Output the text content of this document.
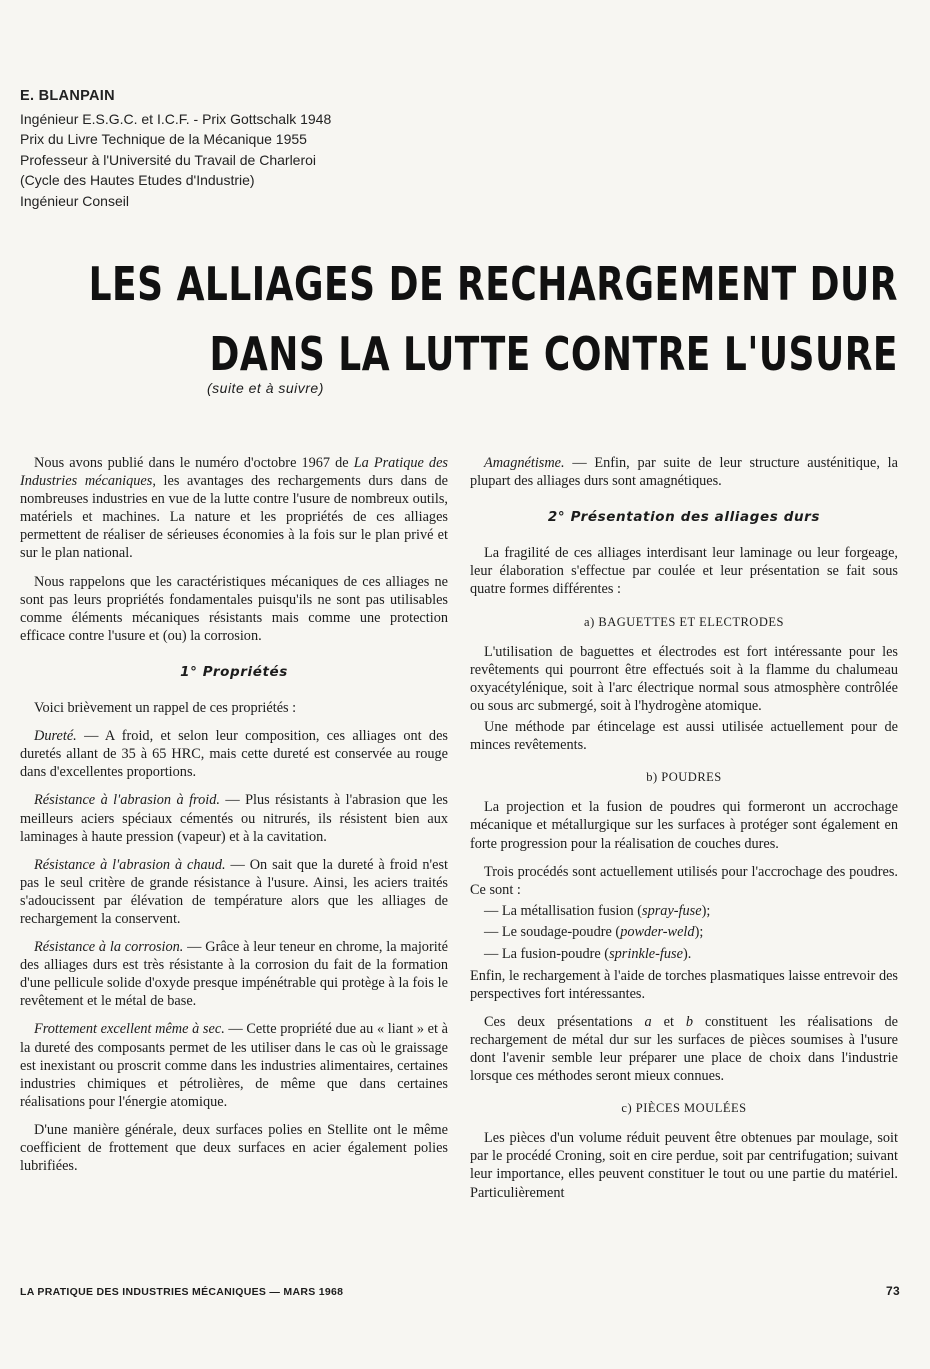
E. BLANPAIN
Ingénieur E.S.G.C. et I.C.F. - Prix Gottschalk 1948
Prix du Livre Technique de la Mécanique 1955
Professeur à l'Université du Travail de Charleroi
(Cycle des Hautes Etudes d'Industrie)
Ingénieur Conseil
LES ALLIAGES DE RECHARGEMENT DUR
DANS LA LUTTE CONTRE L'USURE
(suite et à suivre)

Nous avons publié dans le numéro d'octobre 1967 de La Pratique des Industries mécaniques, les avantages des rechargements durs dans de nombreuses industries en vue de la lutte contre l'usure de nombreux outils, matériels et machines. La nature et les propriétés de ces alliages permettent de réaliser de sérieuses économies à la fois sur le plan privé et sur le plan national.

Nous rappelons que les caractéristiques mécaniques de ces alliages ne sont pas leurs propriétés fondamentales puisqu'ils ne sont pas utilisables comme éléments mécaniques résistants mais comme une protection efficace contre l'usure et (ou) la corrosion.

1° Propriétés

Voici brièvement un rappel de ces propriétés :

Dureté. — A froid, et selon leur composition, ces alliages ont des duretés allant de 35 à 65 HRC, mais cette dureté est conservée au rouge dans d'excellentes proportions.

Résistance à l'abrasion à froid. — Plus résistants à l'abrasion que les meilleurs aciers spéciaux cémentés ou nitrurés, ils résistent bien aux laminages à haute pression (vapeur) et à la cavitation.

Résistance à l'abrasion à chaud. — On sait que la dureté à froid n'est pas le seul critère de grande résistance à l'usure. Ainsi, les aciers traités s'adoucissent par élévation de température alors que les alliages de rechargement la conservent.

Résistance à la corrosion. — Grâce à leur teneur en chrome, la majorité des alliages durs est très résistante à la corrosion du fait de la formation d'une pellicule solide d'oxyde presque impénétrable qui protège à la fois le revêtement et le métal de base.

Frottement excellent même à sec. — Cette propriété due au « liant » et à la dureté des composants permet de les utiliser dans le cas où le graissage est inexistant ou proscrit comme dans les industries alimentaires, certaines industries chimiques et pétrolières, de même que dans certaines réalisations pour l'énergie atomique.

D'une manière générale, deux surfaces polies en Stellite ont le même coefficient de frottement que deux surfaces en acier également polies lubrifiées.

Amagnétisme. — Enfin, par suite de leur structure austénitique, la plupart des alliages durs sont amagnétiques.

2° Présentation des alliages durs

La fragilité de ces alliages interdisant leur laminage ou leur forgeage, leur élaboration s'effectue par coulée et leur présentation se fait sous quatre formes différentes :

a) BAGUETTES ET ELECTRODES

L'utilisation de baguettes et électrodes est fort intéressante pour les revêtements qui pourront être effectués soit à la flamme du chalumeau oxyacétylénique, soit à l'arc électrique normal sous atmosphère contrôlée ou sous arc submergé, soit à l'hydrogène atomique.

Une méthode par étincelage est aussi utilisée actuellement pour de minces revêtements.

b) POUDRES

La projection et la fusion de poudres qui formeront un accrochage mécanique et métallurgique sur les surfaces à protéger sont également en forte progression pour la réalisation de couches dures.

Trois procédés sont actuellement utilisés pour l'accrochage des poudres. Ce sont :

— La métallisation fusion (spray-fuse);
— Le soudage-poudre (powder-weld);
— La fusion-poudre (sprinkle-fuse).

Enfin, le rechargement à l'aide de torches plasmatiques laisse entrevoir des perspectives fort intéressantes.

Ces deux présentations a et b constituent les réalisations de rechargement de métal dur sur les surfaces de pièces soumises à l'usure dont l'avenir semble leur préparer une place de choix dans l'industrie lorsque ces méthodes seront mieux connues.

c) PIÈCES MOULÉES

Les pièces d'un volume réduit peuvent être obtenues par moulage, soit par le procédé Croning, soit en cire perdue, soit par centrifugation; suivant leur importance, elles peuvent constituer le tout ou une partie du matériel. Particulièrement

LA PRATIQUE DES INDUSTRIES MÉCANIQUES — MARS 1968	73
